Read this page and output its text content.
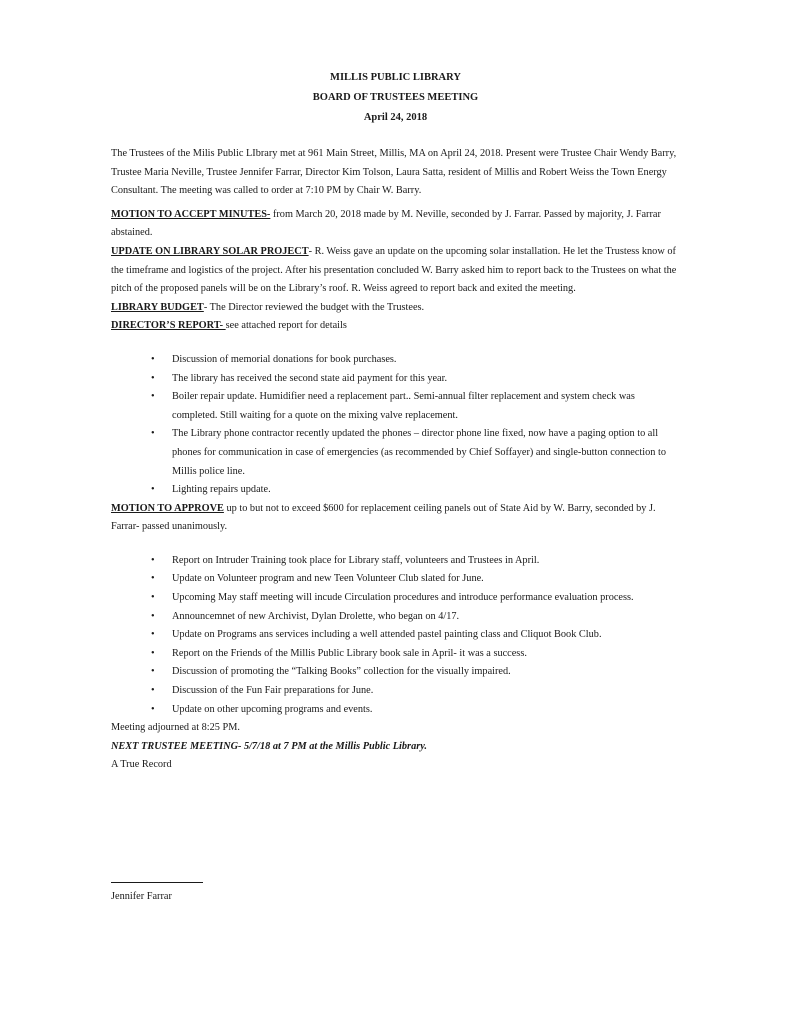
MILLIS PUBLIC LIBRARY
BOARD OF TRUSTEES MEETING
April 24, 2018

The Trustees of the Milis Public LIbrary met at 961 Main Street, Millis, MA on April 24, 2018. Present were Trustee Chair Wendy Barry, Trustee Maria Neville, Trustee Jennifer Farrar, Director Kim Tolson, Laura Satta, resident of Millis and Robert Weiss the Town Energy Consultant. The meeting was called to order at 7:10 PM by Chair W. Barry.

MOTION TO ACCEPT MINUTES- from March 20, 2018 made by M. Neville, seconded by J. Farrar. Passed by majority, J. Farrar abstained.

UPDATE ON LIBRARY SOLAR PROJECT- R. Weiss gave an update on the upcoming solar installation. He let the Trustess know of the timeframe and logistics of the project. After his presentation concluded W. Barry asked him to report back to the Trustees on what the pitch of the proposed panels will be on the Library’s roof. R. Weiss agreed to report back and exited the meeting.

LIBRARY BUDGET- The Director reviewed the budget with the Trustees.

DIRECTOR’S REPORT- see attached report for details

• Discussion of memorial donations for book purchases.
• The library has received the second state aid payment for this year.
• Boiler repair update. Humidifier need a replacement part.. Semi-annual filter replacement and system check was completed. Still waiting for a quote on the mixing valve replacement.
• The Library phone contractor recently updated the phones – director phone line fixed, now have a paging option to all phones for communication in case of emergencies (as recommended by Chief Soffayer) and single-button connection to Millis police line.
• Lighting repairs update.

MOTION TO APPROVE up to but not to exceed $600 for replacement ceiling panels out of State Aid by W. Barry, seconded by J. Farrar- passed unanimously.

• Report on Intruder Training took place for Library staff, volunteers and Trustees in April.
• Update on Volunteer program and new Teen Volunteer Club slated for June.
• Upcoming May staff meeting will incude Circulation procedures and introduce performance evaluation process.
• Announcemnet of new Archivist, Dylan Drolette, who began on 4/17.
• Update on Programs ans services including a well attended pastel painting class and Cliquot Book Club.
• Report on the Friends of the Millis Public Library book sale in April- it was a success.
• Discussion of promoting the “Talking Books” collection for the visually impaired.
• Discussion of the Fun Fair preparations for June.
• Update on other upcoming programs and events.

Meeting adjourned at 8:25 PM.

NEXT TRUSTEE MEETING- 5/7/18 at 7 PM at the Millis Public Library.

A True Record

Jennifer Farrar
